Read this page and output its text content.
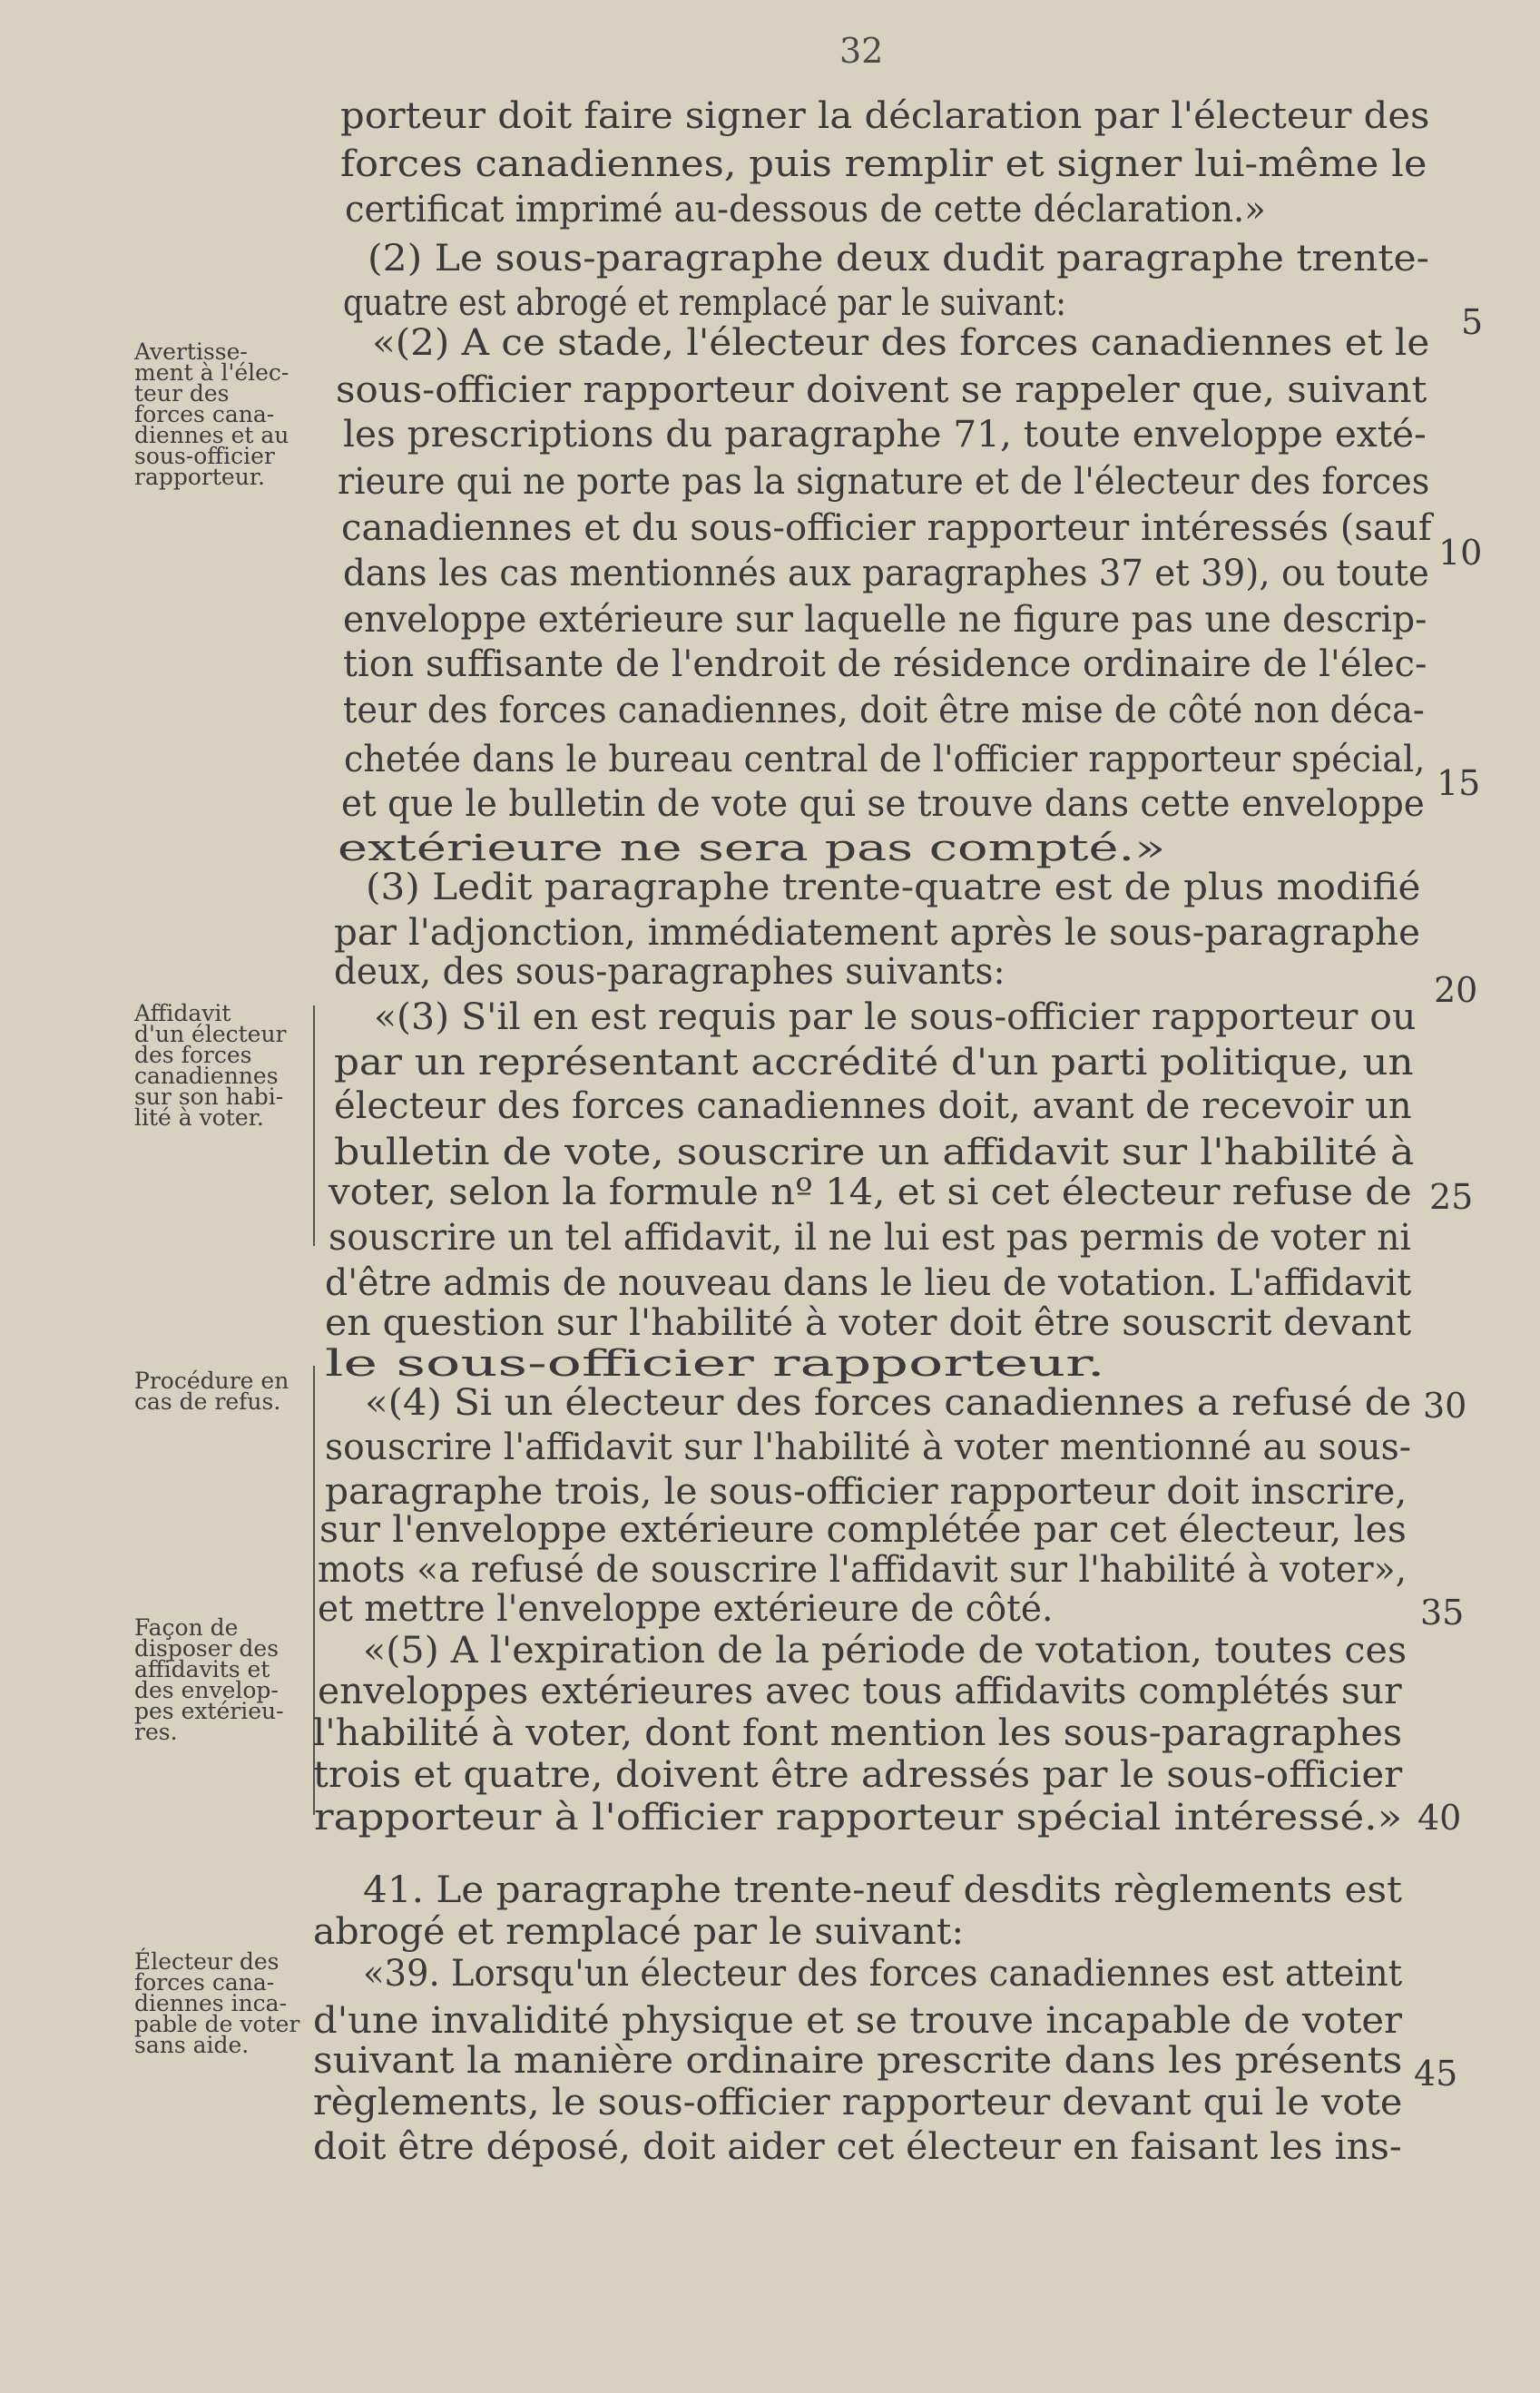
32
Avertisse-
ment à l'élec-
teur des
forces cana-
diennes et au
sous-officier
rapporteur.
Affidavit
d'un électeur
des forces
canadiennes
sur son habi-
lité à voter.
Procédure en
cas de refus.
Façon de
disposer des
affidavits et
des envelop-
pes extérieu-
res.
Électeur des
forces cana-
diennes inca-
pable de voter
sans aide.
5
10
15
20
25
30
35
40
45
porteur doit faire signer la déclaration par l'électeur des
forces canadiennes, puis remplir et signer lui-même le
certificat imprimé au-dessous de cette déclaration.»
(2) Le sous-paragraphe deux dudit paragraphe trente-
quatre est abrogé et remplacé par le suivant:
«(2) A ce stade, l'électeur des forces canadiennes et le
sous-officier rapporteur doivent se rappeler que, suivant
les prescriptions du paragraphe 71, toute enveloppe exté-
rieure qui ne porte pas la signature et de l'électeur des forces
canadiennes et du sous-officier rapporteur intéressés (sauf
dans les cas mentionnés aux paragraphes 37 et 39), ou toute
enveloppe extérieure sur laquelle ne figure pas une descrip-
tion suffisante de l'endroit de résidence ordinaire de l'élec-
teur des forces canadiennes, doit être mise de côté non déca-
chetée dans le bureau central de l'officier rapporteur spécial,
et que le bulletin de vote qui se trouve dans cette enveloppe
extérieure ne sera pas compté.»
(3) Ledit paragraphe trente-quatre est de plus modifié
par l'adjonction, immédiatement après le sous-paragraphe
deux, des sous-paragraphes suivants:
«(3) S'il en est requis par le sous-officier rapporteur ou
par un représentant accrédité d'un parti politique, un
électeur des forces canadiennes doit, avant de recevoir un
bulletin de vote, souscrire un affidavit sur l'habilité à
voter, selon la formule nº 14, et si cet électeur refuse de
souscrire un tel affidavit, il ne lui est pas permis de voter ni
d'être admis de nouveau dans le lieu de votation. L'affidavit
en question sur l'habilité à voter doit être souscrit devant
le sous-officier rapporteur.
«(4) Si un électeur des forces canadiennes a refusé de
souscrire l'affidavit sur l'habilité à voter mentionné au sous-
paragraphe trois, le sous-officier rapporteur doit inscrire,
sur l'enveloppe extérieure complétée par cet électeur, les
mots «a refusé de souscrire l'affidavit sur l'habilité à voter»,
et mettre l'enveloppe extérieure de côté.
«(5) A l'expiration de la période de votation, toutes ces
enveloppes extérieures avec tous affidavits complétés sur
l'habilité à voter, dont font mention les sous-paragraphes
trois et quatre, doivent être adressés par le sous-officier
rapporteur à l'officier rapporteur spécial intéressé.»
41. Le paragraphe trente-neuf desdits règlements est
abrogé et remplacé par le suivant:
«39. Lorsqu'un électeur des forces canadiennes est atteint
d'une invalidité physique et se trouve incapable de voter
suivant la manière ordinaire prescrite dans les présents
règlements, le sous-officier rapporteur devant qui le vote
doit être déposé, doit aider cet électeur en faisant les ins-
